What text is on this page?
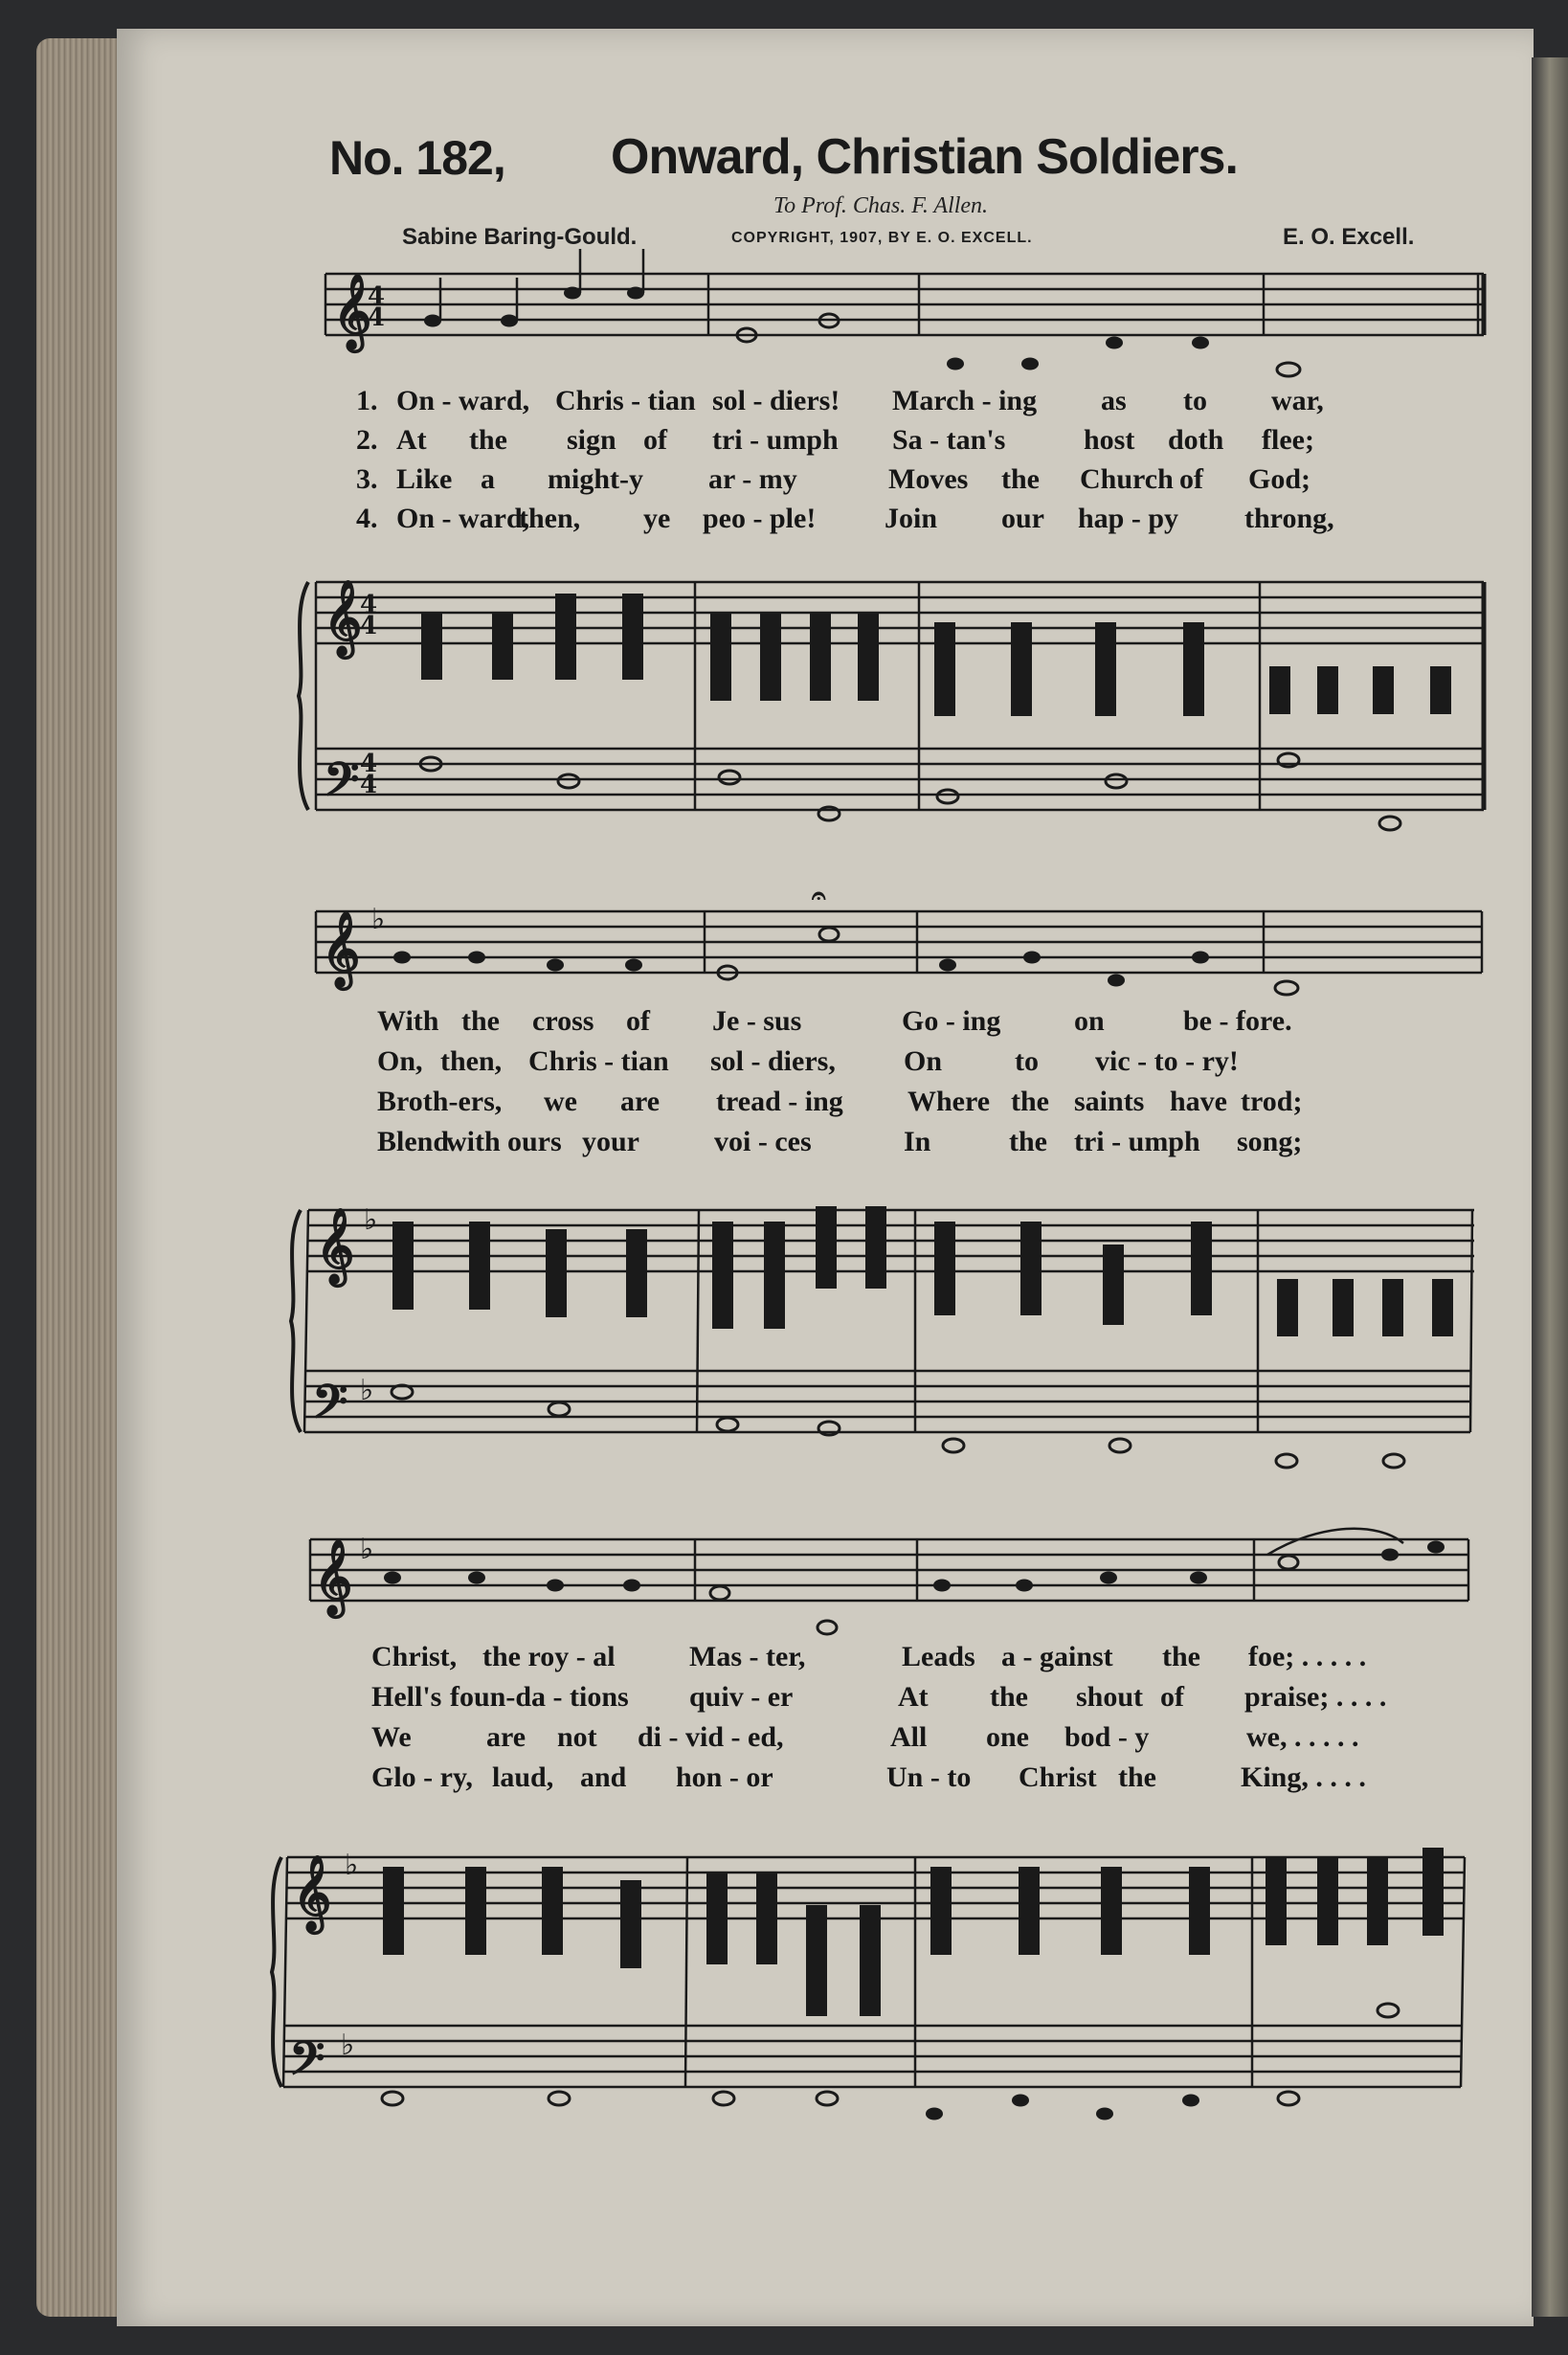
No. 182, Onward, Christian Soldiers.
To Prof. Chas. F. Allen.
Sabine Baring-Gould.	COPYRIGHT, 1907, BY E. O. EXCELL.	E. O. Excell.
𝄞
𝄞
𝄢
4
4
4
4
4
4
1. On - ward, Chris - tian sol - diers! March - ing as to war,
2. At the sign of tri - umph Sa - tan's	host doth flee;
3. Like a might-y ar - my	Moves the Church of God;
4. On - ward,
then, ye peo - ple! Join our hap - py throng,
𝄞
𝄞
𝄢
♭
♭
♭
𝄐
With the cross of Je - sus	Go - ing	on	be - fore.
On, then, Chris - tian sol - diers, On	to vic - to - ry!
Broth-ers, we are tread - ing Where the saints have trod;
Blend
with ours your	voi - ces	In	the tri - umph song;
𝄞
𝄞
𝄢
♭
♭
♭
Christ, the roy - al	Mas - ter,	Leads a - gainst the foe; . . . . .
Hell's foun-da - tions quiv - er	At the shout of praise; . . . .
We	are not di - vid - ed,	All one bod - y	we, . . . . .
Glo - ry, laud, and hon - or	Un - to Christ the	King, . . . .
